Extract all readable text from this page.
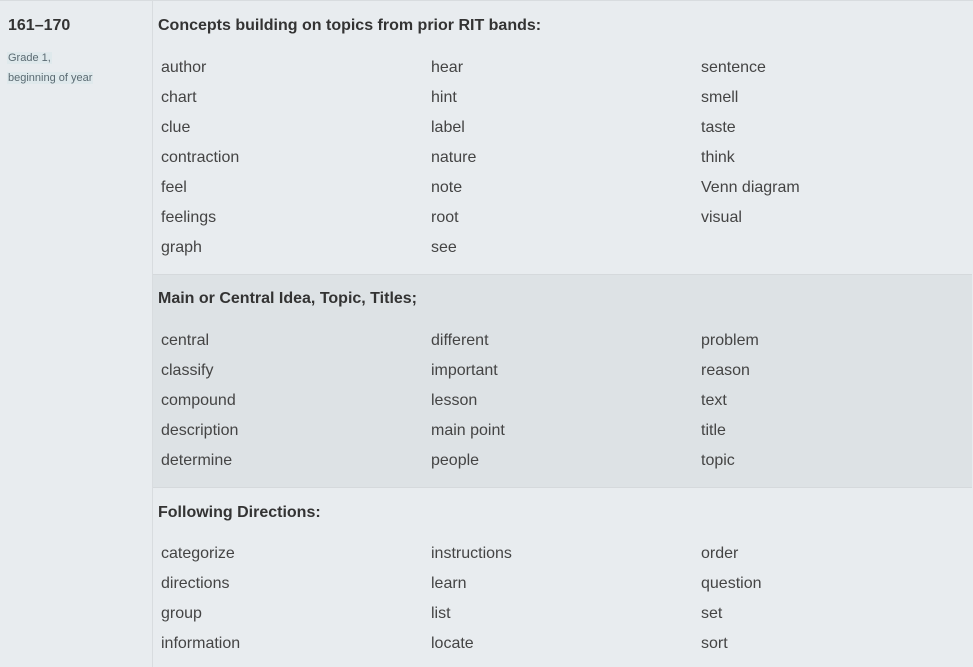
161–170
Grade 1,
beginning of year
Concepts building on topics from prior RIT bands:
author
chart
clue
contraction
feel
feelings
graph
hear
hint
label
nature
note
root
see
sentence
smell
taste
think
Venn diagram
visual
Main or Central Idea, Topic, Titles;
central
classify
compound
description
determine
different
important
lesson
main point
people
problem
reason
text
title
topic
Following Directions:
categorize
directions
group
information
instructions
learn
list
locate
order
question
set
sort
